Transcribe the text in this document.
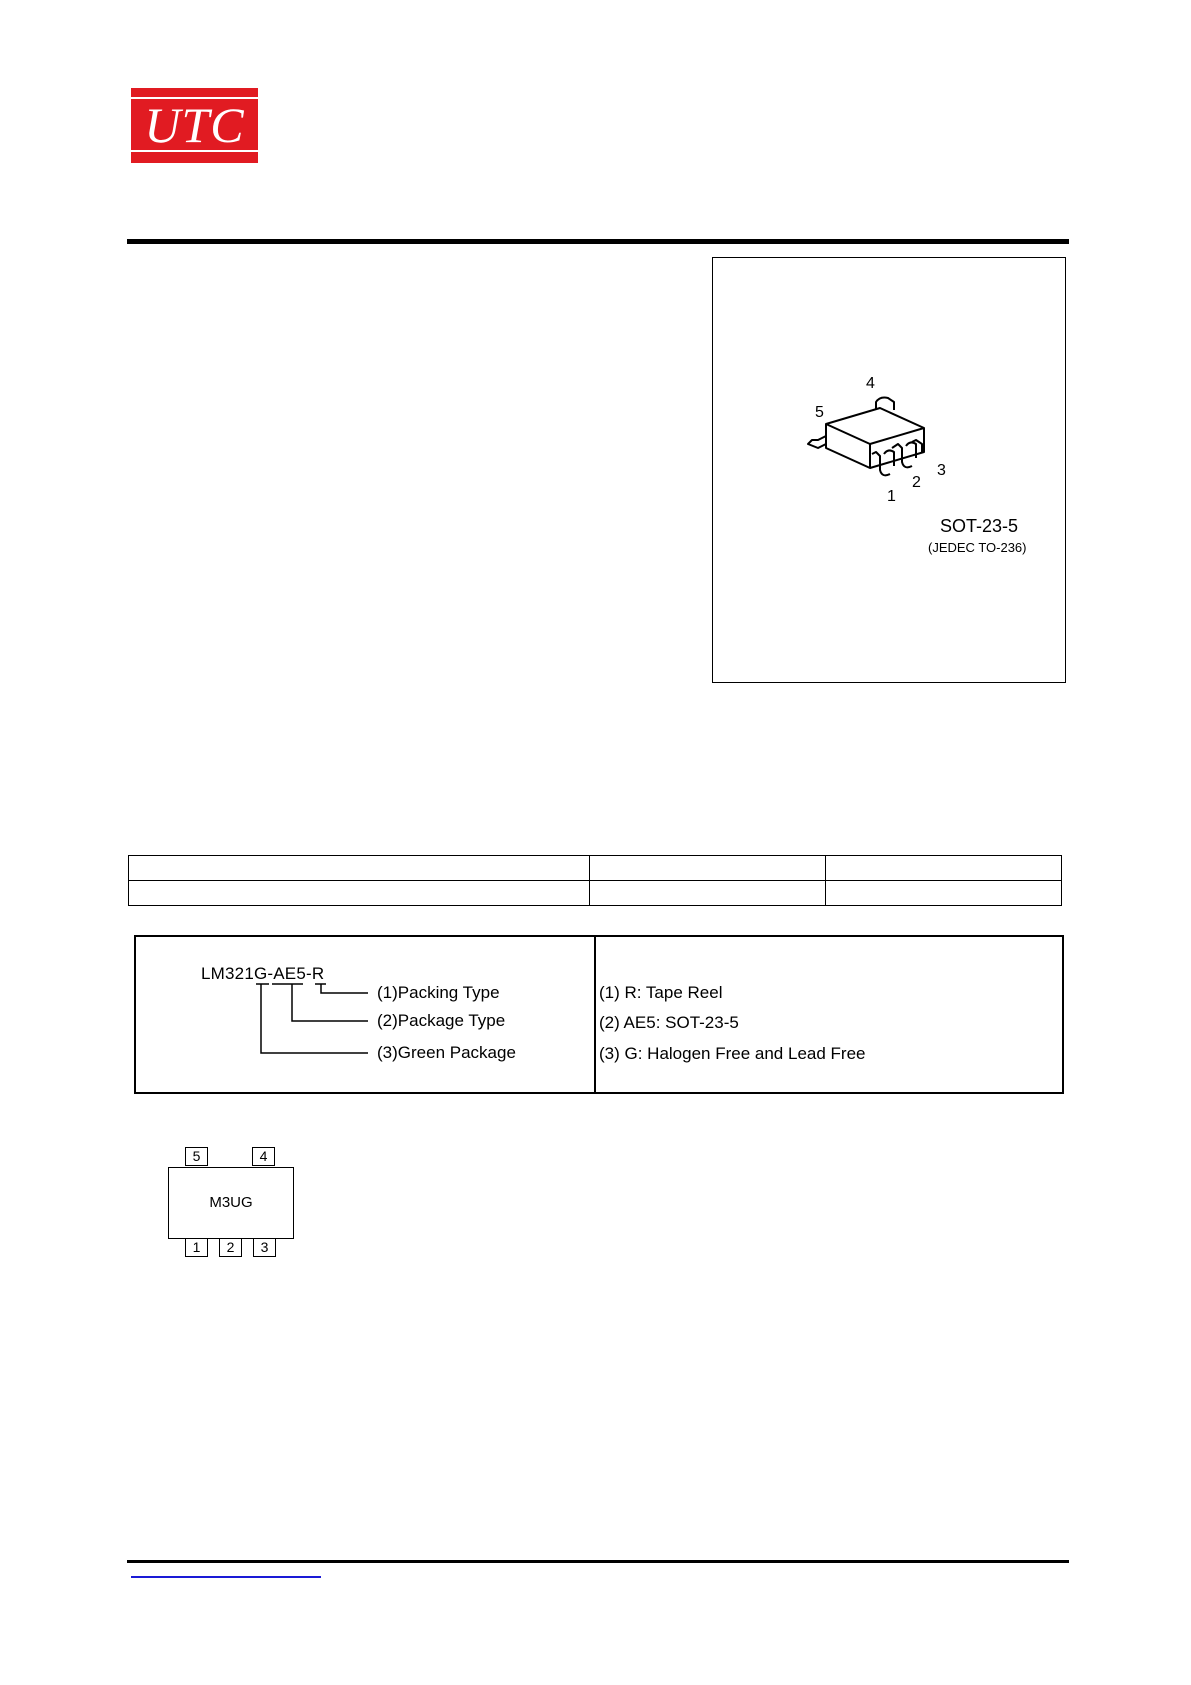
UTC
4
5
1
2
3
SOT-23-5
(JEDEC TO-236)

LM321G-AE5-R
(1)Packing Type
(2)Package Type
(3)Green Package
(1) R: Tape Reel
(2) AE5: SOT-23-5
(3) G: Halogen Free and Lead Free
5	4
M3UG
1	2	3
